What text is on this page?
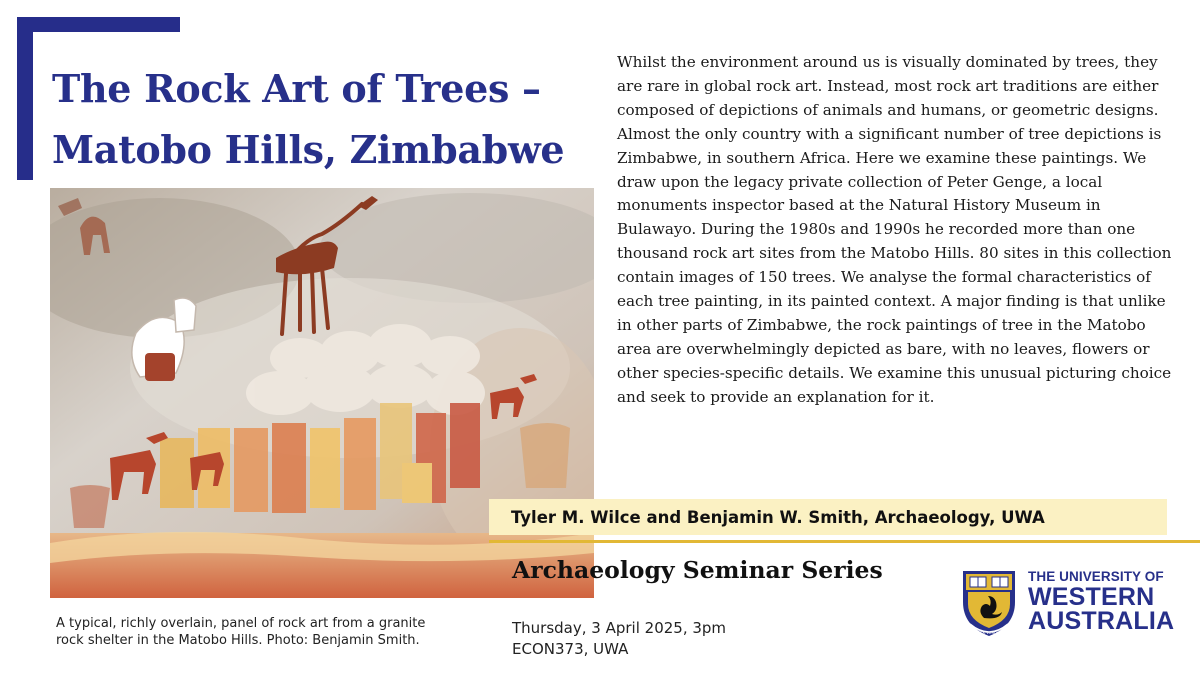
The Rock Art of Trees –
Matobo Hills, Zimbabwe

A typical, richly overlain, panel of rock art from a granite
rock shelter in the Matobo Hills. Photo: Benjamin Smith.

Whilst the environment around us is visually dominated by trees, they are rare in global rock art. Instead, most rock art traditions are either composed of depictions of animals and humans, or geometric designs. Almost the only country with a significant number of tree depictions is Zimbabwe, in southern Africa. Here we examine these paintings. We draw upon the legacy private collection of Peter Genge, a local monuments inspector based at the Natural History Museum in Bulawayo. During the 1980s and 1990s he recorded more than one thousand rock art sites from the Matobo Hills. 80 sites in this collection contain images of 150 trees. We analyse the formal characteristics of each tree painting, in its painted context. A major finding is that unlike in other parts of Zimbabwe, the rock paintings of tree in the Matobo area are overwhelmingly depicted as bare, with no leaves, flowers or other species-specific details. We examine this unusual picturing choice and seek to provide an explanation for it.

Tyler M. Wilce and Benjamin W. Smith, Archaeology, UWA
Archaeology Seminar Series

Thursday, 3 April 2025, 3pm
ECON373, UWA

SEEK WISDOM
THE UNIVERSITY OF
WESTERN
AUSTRALIA
